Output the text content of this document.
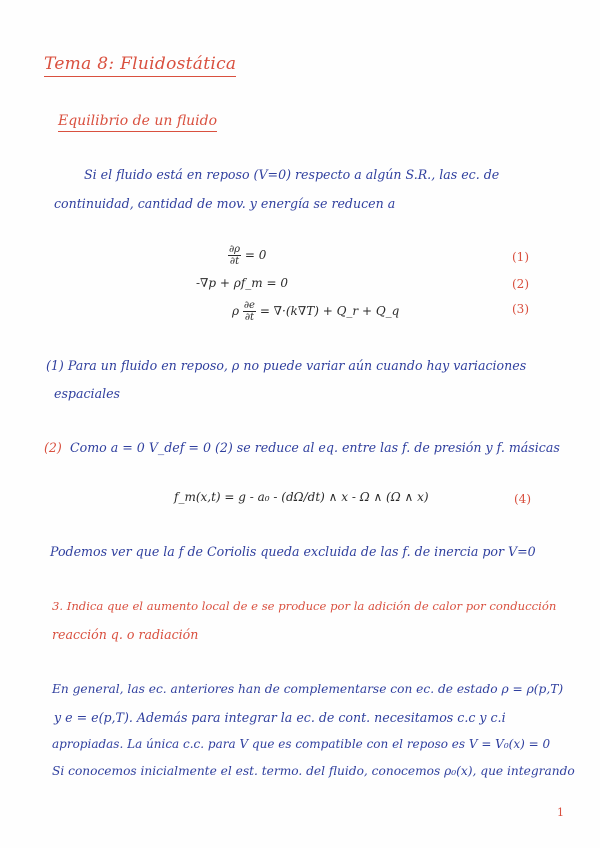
Tema 8: Fluidostática
Equilibrio de un fluido
Si el fluido está en reposo (V=0) respecto a algún S.R., las ec. de
continuidad, cantidad de mov. y energía se reducen a
$\frac{\partial\rho}{\partial t} = 0$	(1)
-∇p + ρf_m = 0	(2)
ρ $\frac{\partial e}{\partial t} = \nabla\cdot(k\nabla T)$ + Q_r + Q_q	(3)
(1) Para un fluido en reposo, ρ no puede variar aún cuando hay variaciones
espaciales
(2) Como a = 0 V_def = 0 (2) se reduce al eq. entre las f. de presión y f. másicas
f_m(x,t) = g - a₀ - (dΩ/dt) ∧ x - Ω ∧ (Ω ∧ x)	(4)
Podemos ver que la f de Coriolis queda excluida de las f. de inercia por V=0
3. Indica que el aumento local de e se produce por la adición de calor por conducción
reacción q. o radiación
En general, las ec. anteriores han de complementarse con ec. de estado ρ = ρ(p,T)
y e = e(p,T). Además para integrar la ec. de cont. necesitamos c.c y c.i
apropiadas. La única c.c. para V que es compatible con el reposo es V = V₀(x) = 0
Si conocemos inicialmente el est. termo. del fluido, conocemos ρ₀(x), que integrando
1
